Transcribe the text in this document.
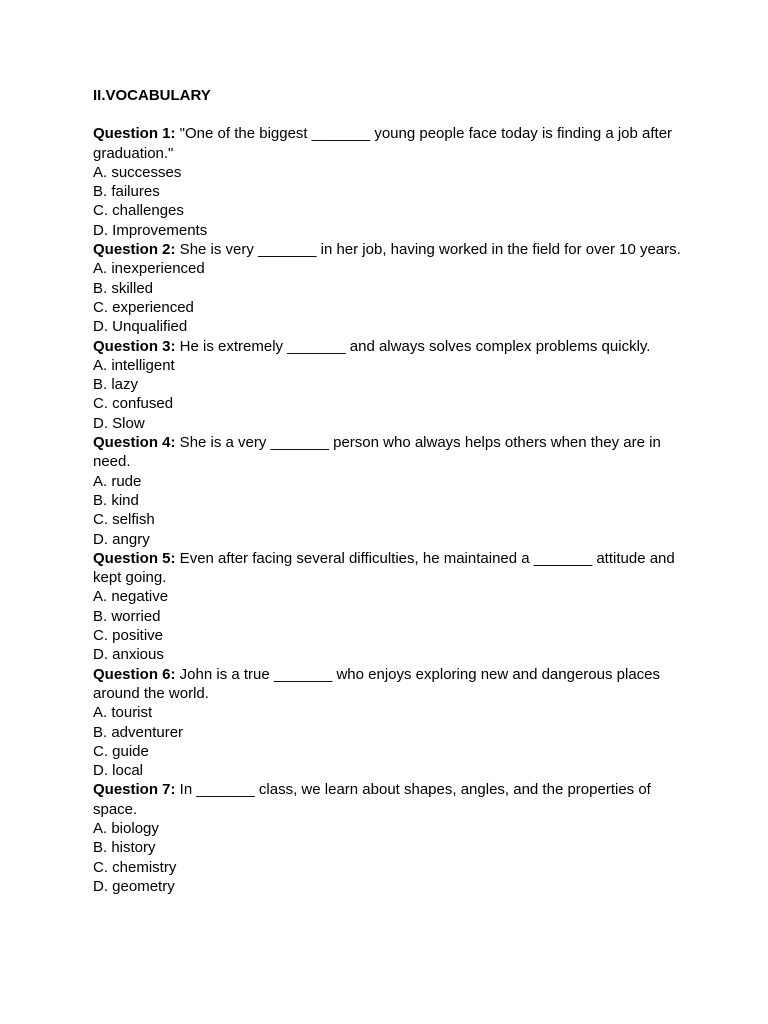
II.VOCABULARY

Question 1: "One of the biggest _______ young people face today is finding a job after graduation."

A. successes
B. failures
C. challenges
D. Improvements

Question 2: She is very _______ in her job, having worked in the field for over 10 years.

A. inexperienced
B. skilled
C. experienced
D. Unqualified

Question 3: He is extremely _______ and always solves complex problems quickly.

A. intelligent
B. lazy
C. confused
D. Slow

Question 4: She is a very _______ person who always helps others when they are in need.

A. rude
B. kind
C. selfish
D. angry

Question 5: Even after facing several difficulties, he maintained a _______ attitude and kept going.

A. negative
B. worried
C. positive
D. anxious

Question 6: John is a true _______ who enjoys exploring new and dangerous places around the world.

A. tourist
B. adventurer
C. guide
D. local

Question 7: In _______ class, we learn about shapes, angles, and the properties of space.

A. biology
B. history
C. chemistry
D. geometry
